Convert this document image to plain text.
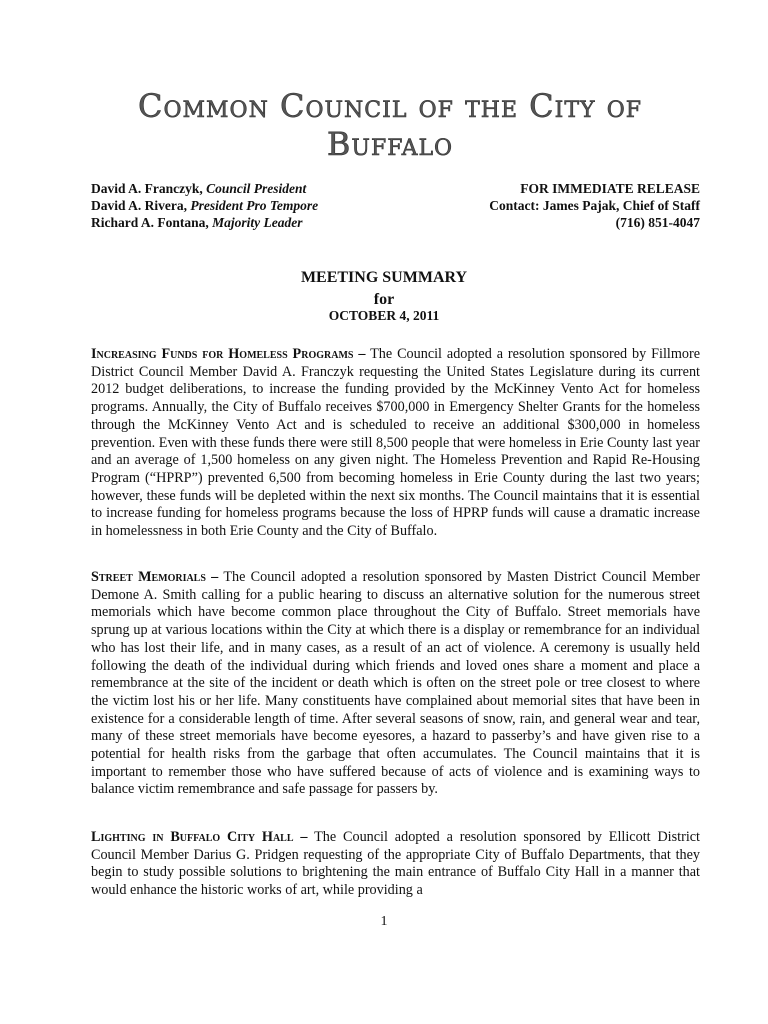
Common Council of the City of Buffalo
David A. Franczyk, Council President
David A. Rivera, President Pro Tempore
Richard A. Fontana, Majority Leader
FOR IMMEDIATE RELEASE
Contact: James Pajak, Chief of Staff
(716) 851-4047
MEETING SUMMARY
for
OCTOBER 4, 2011
Increasing Funds for Homeless Programs – The Council adopted a resolution sponsored by Fillmore District Council Member David A. Franczyk requesting the United States Legislature during its current 2012 budget deliberations, to increase the funding provided by the McKinney Vento Act for homeless programs. Annually, the City of Buffalo receives $700,000 in Emergency Shelter Grants for the homeless through the McKinney Vento Act and is scheduled to receive an additional $300,000 in homeless prevention. Even with these funds there were still 8,500 people that were homeless in Erie County last year and an average of 1,500 homeless on any given night. The Homeless Prevention and Rapid Re-Housing Program (“HPRP”) prevented 6,500 from becoming homeless in Erie County during the last two years; however, these funds will be depleted within the next six months. The Council maintains that it is essential to increase funding for homeless programs because the loss of HPRP funds will cause a dramatic increase in homelessness in both Erie County and the City of Buffalo.
Street Memorials – The Council adopted a resolution sponsored by Masten District Council Member Demone A. Smith calling for a public hearing to discuss an alternative solution for the numerous street memorials which have become common place throughout the City of Buffalo. Street memorials have sprung up at various locations within the City at which there is a display or remembrance for an individual who has lost their life, and in many cases, as a result of an act of violence. A ceremony is usually held following the death of the individual during which friends and loved ones share a moment and place a remembrance at the site of the incident or death which is often on the street pole or tree closest to where the victim lost his or her life. Many constituents have complained about memorial sites that have been in existence for a considerable length of time. After several seasons of snow, rain, and general wear and tear, many of these street memorials have become eyesores, a hazard to passerby’s and have given rise to a potential for health risks from the garbage that often accumulates. The Council maintains that it is important to remember those who have suffered because of acts of violence and is examining ways to balance victim remembrance and safe passage for passers by.
Lighting in Buffalo City Hall – The Council adopted a resolution sponsored by Ellicott District Council Member Darius G. Pridgen requesting of the appropriate City of Buffalo Departments, that they begin to study possible solutions to brightening the main entrance of Buffalo City Hall in a manner that would enhance the historic works of art, while providing a
1
